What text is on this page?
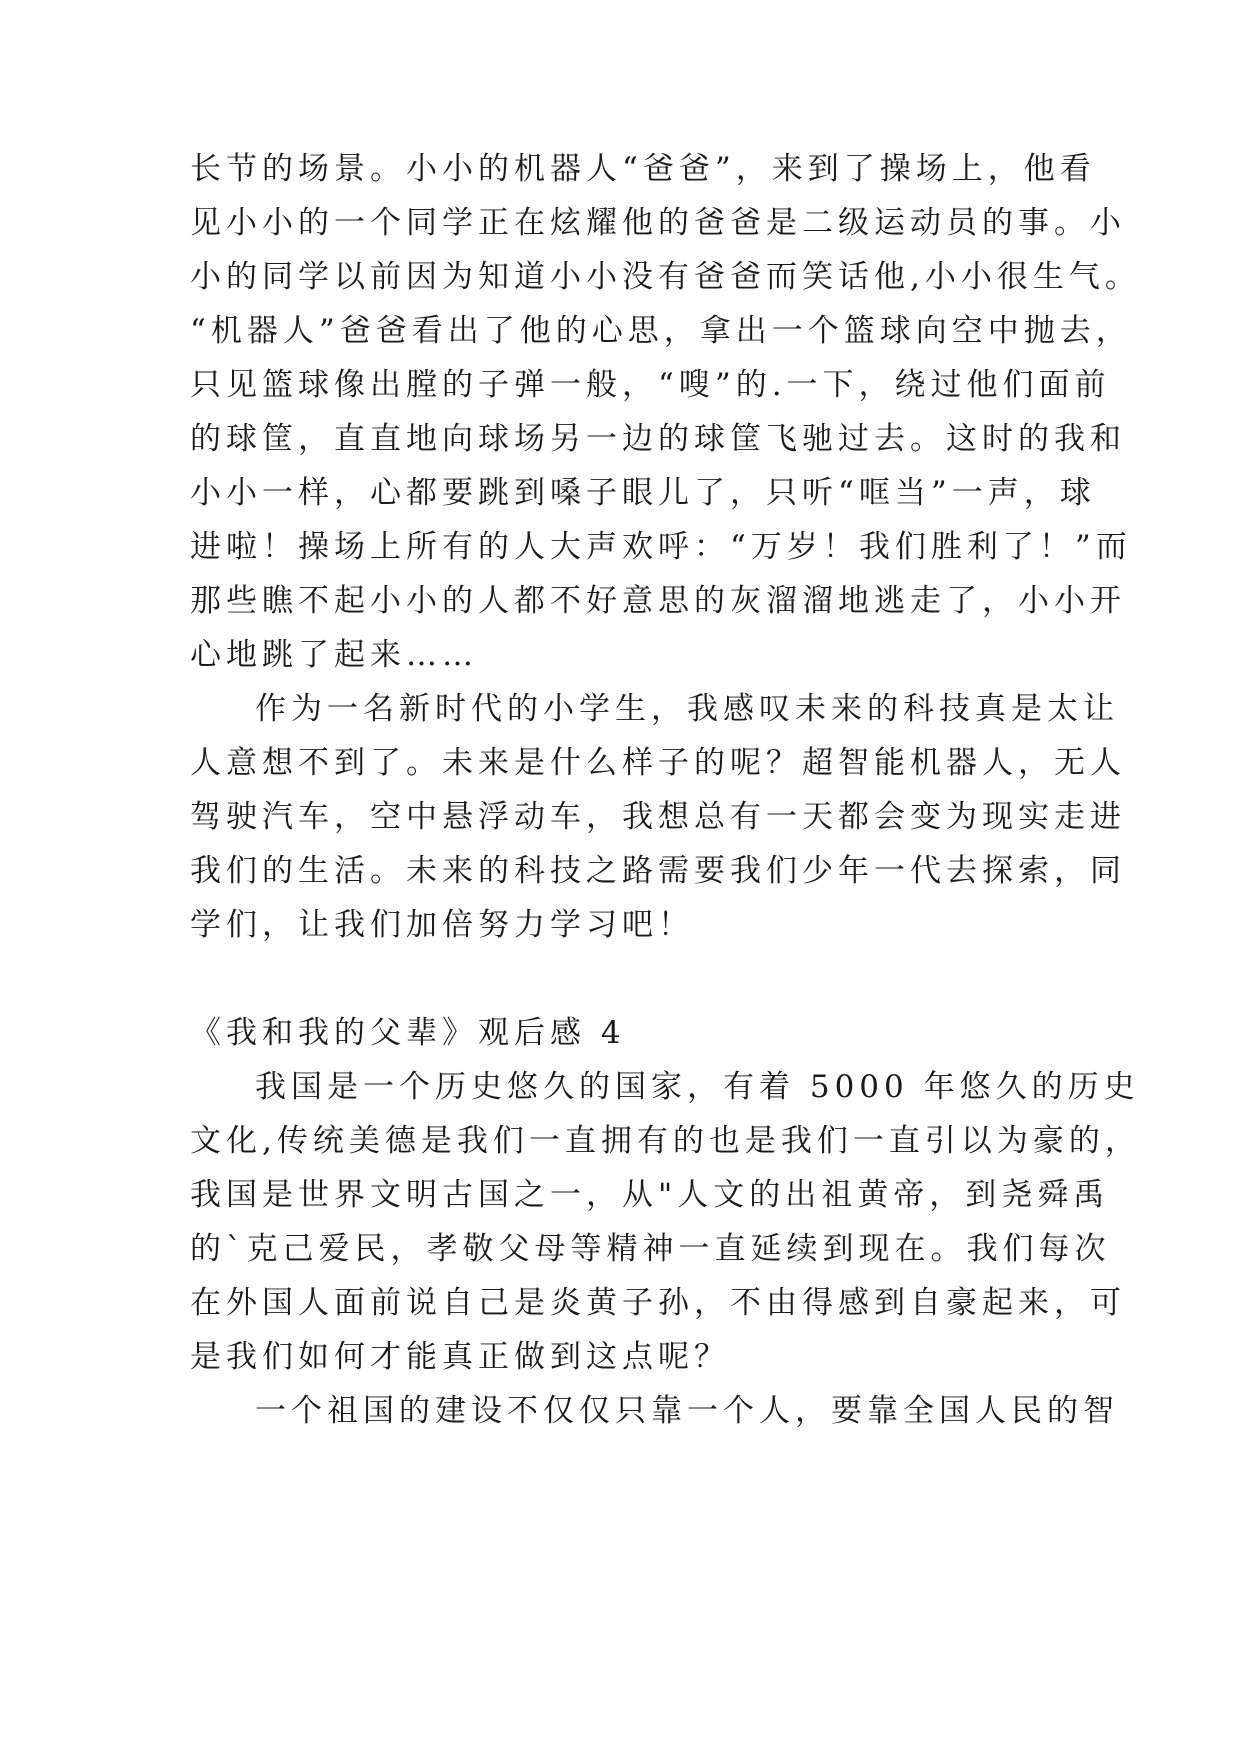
长节的场景。小小的机器人“爸爸”，来到了操场上，他看
见小小的一个同学正在炫耀他的爸爸是二级运动员的事。小
小的同学以前因为知道小小没有爸爸而笑话他,小小很生气。
“机器人”爸爸看出了他的心思，拿出一个篮球向空中抛去，
只见篮球像出膛的子弹一般，“嗖”的.一下，绕过他们面前
的球筐，直直地向球场另一边的球筐飞驰过去。这时的我和
小小一样，心都要跳到嗓子眼儿了，只听“哐当”一声，球
进啦！操场上所有的人大声欢呼：“万岁！我们胜利了！”而
那些瞧不起小小的人都不好意思的灰溜溜地逃走了，小小开
心地跳了起来……
作为一名新时代的小学生，我感叹未来的科技真是太让
人意想不到了。未来是什么样子的呢？超智能机器人，无人
驾驶汽车，空中悬浮动车，我想总有一天都会变为现实走进
我们的生活。未来的科技之路需要我们少年一代去探索，同
学们，让我们加倍努力学习吧！
《我和我的父辈》观后感 4
我国是一个历史悠久的国家，有着 5000 年悠久的历史
文化,传统美德是我们一直拥有的也是我们一直引以为豪的，
我国是世界文明古国之一，从"人文的出祖黄帝，到尧舜禹
的`克己爱民，孝敬父母等精神一直延续到现在。我们每次
在外国人面前说自己是炎黄子孙，不由得感到自豪起来，可
是我们如何才能真正做到这点呢？
一个祖国的建设不仅仅只靠一个人，要靠全国人民的智
